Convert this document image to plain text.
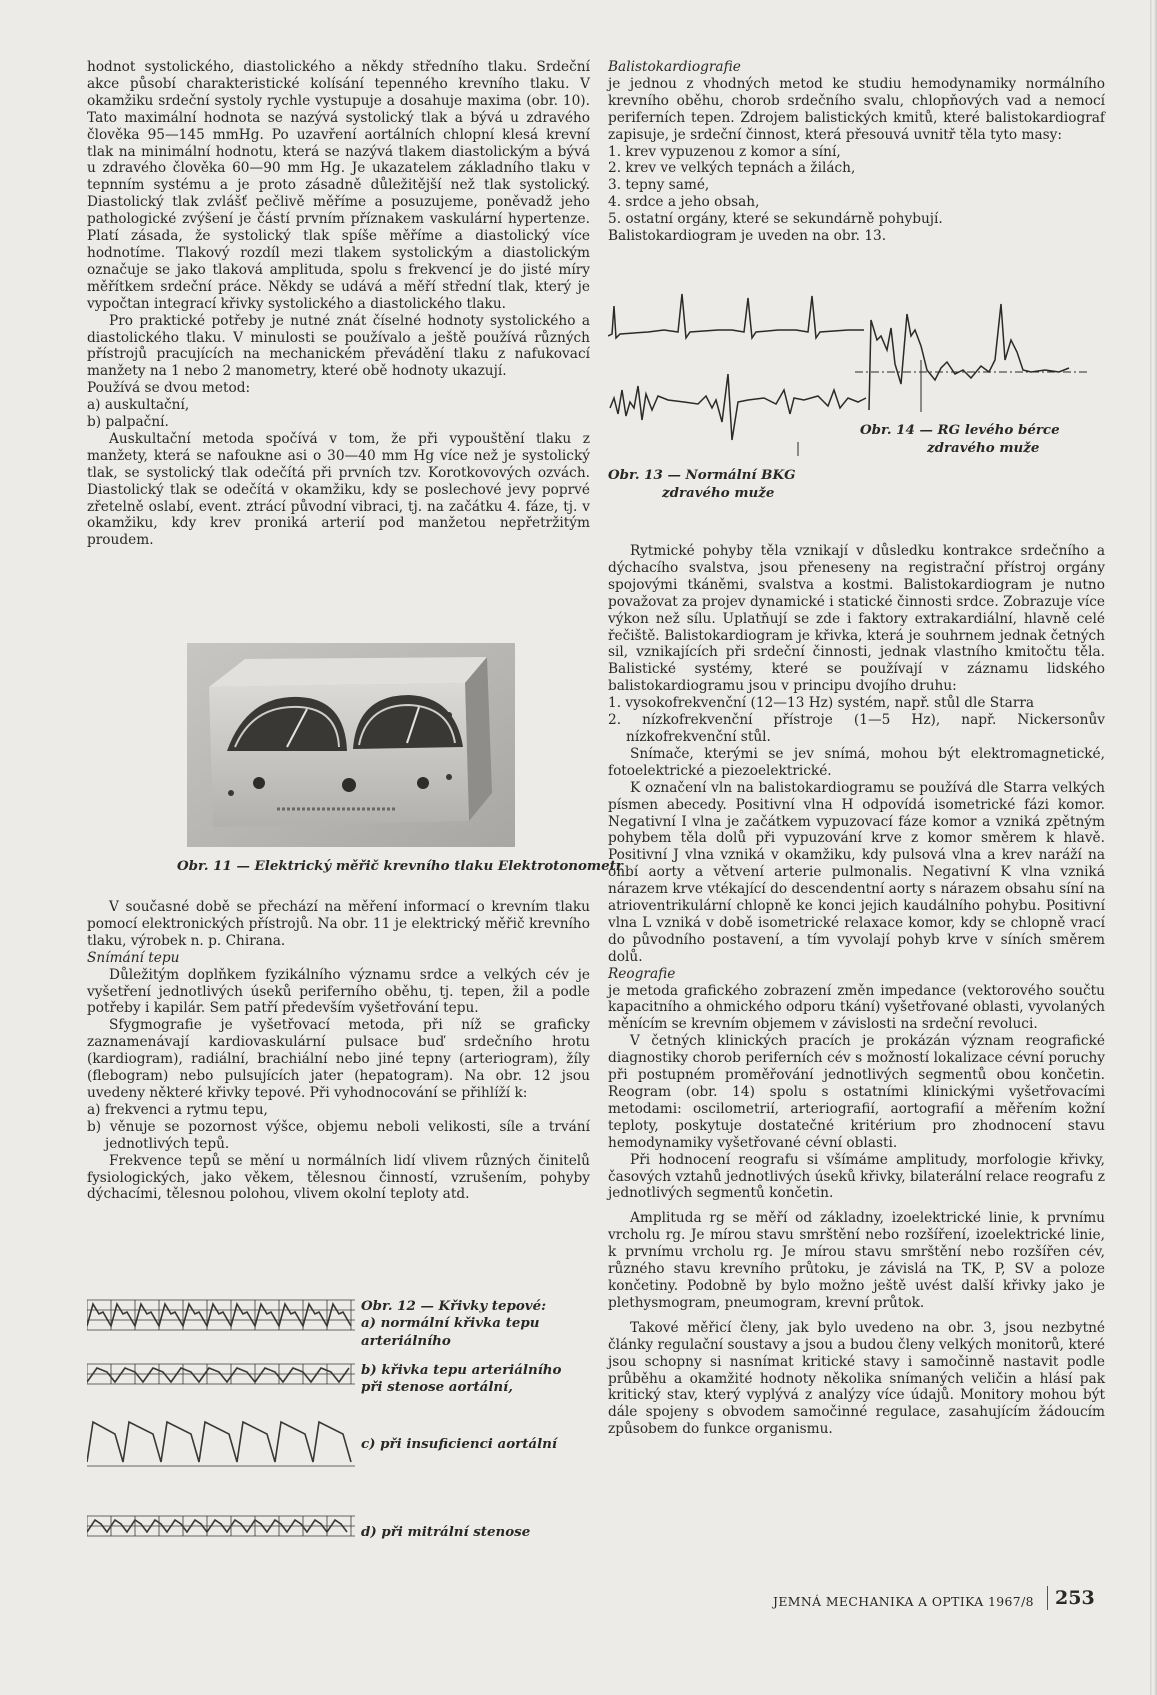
hodnot systolického, diastolického a někdy středního tlaku. Srdeční akce působí charakteristické kolísání tepenného krevního tlaku. V okamžiku srdeční systoly rychle vystupuje a dosahuje maxima (obr. 10). Tato maximální hodnota se nazývá systolický tlak a bývá u zdravého člověka 95—145 mmHg. Po uzavření aortálních chlopní klesá krevní tlak na minimální hodnotu, která se nazývá tlakem diastolickým a bývá u zdravého člověka 60—90 mm Hg. Je ukazatelem základního tlaku v tepnním systému a je proto zásadně důležitější než tlak systolický. Diastolický tlak zvlášť pečlivě měříme a posuzujeme, poněvadž jeho pathologické zvýšení je částí prvním příznakem vaskulární hypertenze. Platí zásada, že systolický tlak spíše měříme a diastolický více hodnotíme. Tlakový rozdíl mezi tlakem systolickým a diastolickým označuje se jako tlaková amplituda, spolu s frekvencí je do jisté míry měřítkem srdeční práce. Někdy se udává a měří střední tlak, který je vypočtan integrací křivky systolického a diastolického tlaku.

Pro praktické potřeby je nutné znát číselné hodnoty systolického a diastolického tlaku. V minulosti se používalo a ještě používá různých přístrojů pracujících na mechanickém převádění tlaku z nafukovací manžety na 1 nebo 2 manometry, které obě hodnoty ukazují.

Používá se dvou metod:

a) auskultační,

b) palpační.

Auskultační metoda spočívá v tom, že při vypouštění tlaku z manžety, která se nafoukne asi o 30—40 mm Hg více než je systolický tlak, se systolický tlak odečítá při prvních tzv. Korotkovových ozvách. Diastolický tlak se odečítá v okamžiku, kdy se poslechové jevy poprvé zřetelně oslabí, event. ztrácí původní vibraci, tj. na začátku 4. fáze, tj. v okamžiku, kdy krev proniká arterií pod manžetou nepřetržitým proudem.

Obr. 11 — Elektrický měřič krevního tlaku Elektrotonometr

V současné době se přechází na měření informací o krevním tlaku pomocí elektronických přístrojů. Na obr. 11 je elektrický měřič krevního tlaku, výrobek n. p. Chirana.

Snímání tepu

Důležitým doplňkem fyzikálního významu srdce a velkých cév je vyšetření jednotlivých úseků periferního oběhu, tj. tepen, žil a podle potřeby i kapilár. Sem patří především vyšetřování tepu.

Sfygmografie je vyšetřovací metoda, při níž se graficky zaznamenávají kardiovaskulární pulsace buď srdečního hrotu (kardiogram), radiální, brachiální nebo jiné tepny (arteriogram), žíly (flebogram) nebo pulsujících jater (hepatogram). Na obr. 12 jsou uvedeny některé křivky tepové. Při vyhodnocování se přihlíží k:

a) frekvenci a rytmu tepu,

b) věnuje se pozornost výšce, objemu neboli velikosti, síle a trvání jednotlivých tepů.

Frekvence tepů se mění u normálních lidí vlivem různých činitelů fysiologických, jako věkem, tělesnou činností, vzrušením, pohyby dýchacími, tělesnou polohou, vlivem okolní teploty atd.

Obr. 12 — Křivky tepové:
a) normální křivka tepu arteriálního
b) křivka tepu arteriálního při stenose aortální,
c) při insuficienci aortální
d) při mitrální stenose

Balistokardiografie

je jednou z vhodných metod ke studiu hemodynamiky normálního krevního oběhu, chorob srdečního svalu, chlopňových vad a nemocí periferních tepen. Zdrojem balistických kmitů, které balistokardiograf zapisuje, je srdeční činnost, která přesouvá uvnitř těla tyto masy:

1. krev vypuzenou z komor a síní,

2. krev ve velkých tepnách a žilách,

3. tepny samé,

4. srdce a jeho obsah,

5. ostatní orgány, které se sekundárně pohybují.

Balistokardiogram je uveden na obr. 13.

Obr. 13 — Normální BKG
zdravého muže
Obr. 14 — RG levého bérce
zdravého muže

Rytmické pohyby těla vznikají v důsledku kontrakce srdečního a dýchacího svalstva, jsou přeneseny na registrační přístroj orgány spojovými tkáněmi, svalstva a kostmi. Balistokardiogram je nutno považovat za projev dynamické i statické činnosti srdce. Zobrazuje více výkon než sílu. Uplatňují se zde i faktory extrakardiální, hlavně celé řečiště. Balistokardiogram je křivka, která je souhrnem jednak četných sil, vznikajících při srdeční činnosti, jednak vlastního kmitočtu těla. Balistické systémy, které se používají v záznamu lidského balistokardiogramu jsou v principu dvojího druhu:

1. vysokofrekvenční (12—13 Hz) systém, např. stůl dle Starra

2. nízkofrekvenční přístroje (1—5 Hz), např. Nickersonův nízkofrekvenční stůl.

Snímače, kterými se jev snímá, mohou být elektromagnetické, fotoelektrické a piezoelektrické.

K označení vln na balistokardiogramu se používá dle Starra velkých písmen abecedy. Positivní vlna H odpovídá isometrické fázi komor. Negativní I vlna je začátkem vypuzovací fáze komor a vzniká zpětným pohybem těla dolů při vypuzování krve z komor směrem k hlavě. Positivní J vlna vzniká v okamžiku, kdy pulsová vlna a krev naráží na ohbí aorty a větvení arterie pulmonalis. Negativní K vlna vzniká nárazem krve vtékající do descendentní aorty s nárazem obsahu síní na atrioventrikulární chlopně ke konci jejich kaudálního pohybu. Positivní vlna L vzniká v době isometrické relaxace komor, kdy se chlopně vrací do původního postavení, a tím vyvolají pohyb krve v síních směrem dolů.

Reografie

je metoda grafického zobrazení změn impedance (vektorového součtu kapacitního a ohmického odporu tkání) vyšetřované oblasti, vyvolaných měnícím se krevním objemem v závislosti na srdeční revoluci.

V četných klinických pracích je prokázán význam reografické diagnostiky chorob periferních cév s možností lokalizace cévní poruchy při postupném proměřování jednotlivých segmentů obou končetin. Reogram (obr. 14) spolu s ostatními klinickými vyšetřovacími metodami: oscilometrií, arteriografií, aortografií a měřením kožní teploty, poskytuje dostatečné kritérium pro zhodnocení stavu hemodynamiky vyšetřované cévní oblasti.

Při hodnocení reografu si všímáme amplitudy, morfologie křivky, časových vztahů jednotlivých úseků křivky, bilaterální relace reografu z jednotlivých segmentů končetin.

Amplituda rg se měří od základny, izoelektrické linie, k prvnímu vrcholu rg. Je mírou stavu smrštění nebo rozšíření, izoelektrické linie, k prvnímu vrcholu rg. Je mírou stavu smrštění nebo rozšířen cév, různého stavu krevního průtoku, je závislá na TK, P, SV a poloze končetiny. Podobně by bylo možno ještě uvést další křivky jako je plethysmogram, pneumogram, krevní průtok.

Takové měřicí členy, jak bylo uvedeno na obr. 3, jsou nezbytné články regulační soustavy a jsou a budou členy velkých monitorů, které jsou schopny si nasnímat kritické stavy i samočinně nastavit podle průběhu a okamžité hodnoty několika snímaných veličin a hlásí pak kritický stav, který vyplývá z analýzy více údajů. Monitory mohou být dále spojeny s obvodem samočinné regulace, zasahujícím žádoucím způsobem do funkce organismu.

JEMNÁ MECHANIKA A OPTIKA 1967/8 253
